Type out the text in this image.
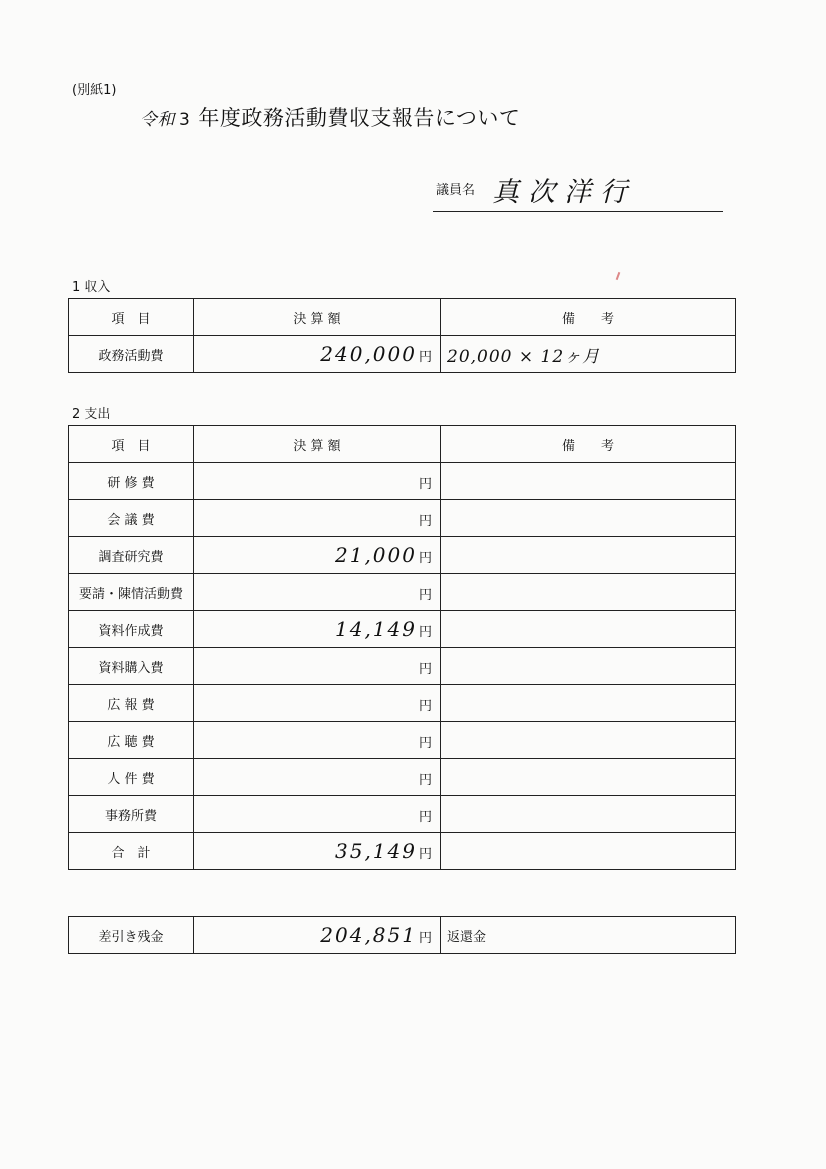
(別紙1)
令和 3 年度政務活動費収支報告について
議員名 真次洋行
1 収入
項　目	決 算 額	備　　考
政務活動費	240,000 円	20,000 × 12ヶ月
2 支出
項　目	決 算 額	備　　考
研 修 費	円	
会 議 費	円	
調査研究費	21,000 円	
要請・陳情活動費	円	
資料作成費	14,149 円	
資料購入費	円	
広 報 費	円	
広 聴 費	円	
人 件 費	円	
事務所費	円	
合　計	35,149 円	
差引き残金	204,851 円	返還金
